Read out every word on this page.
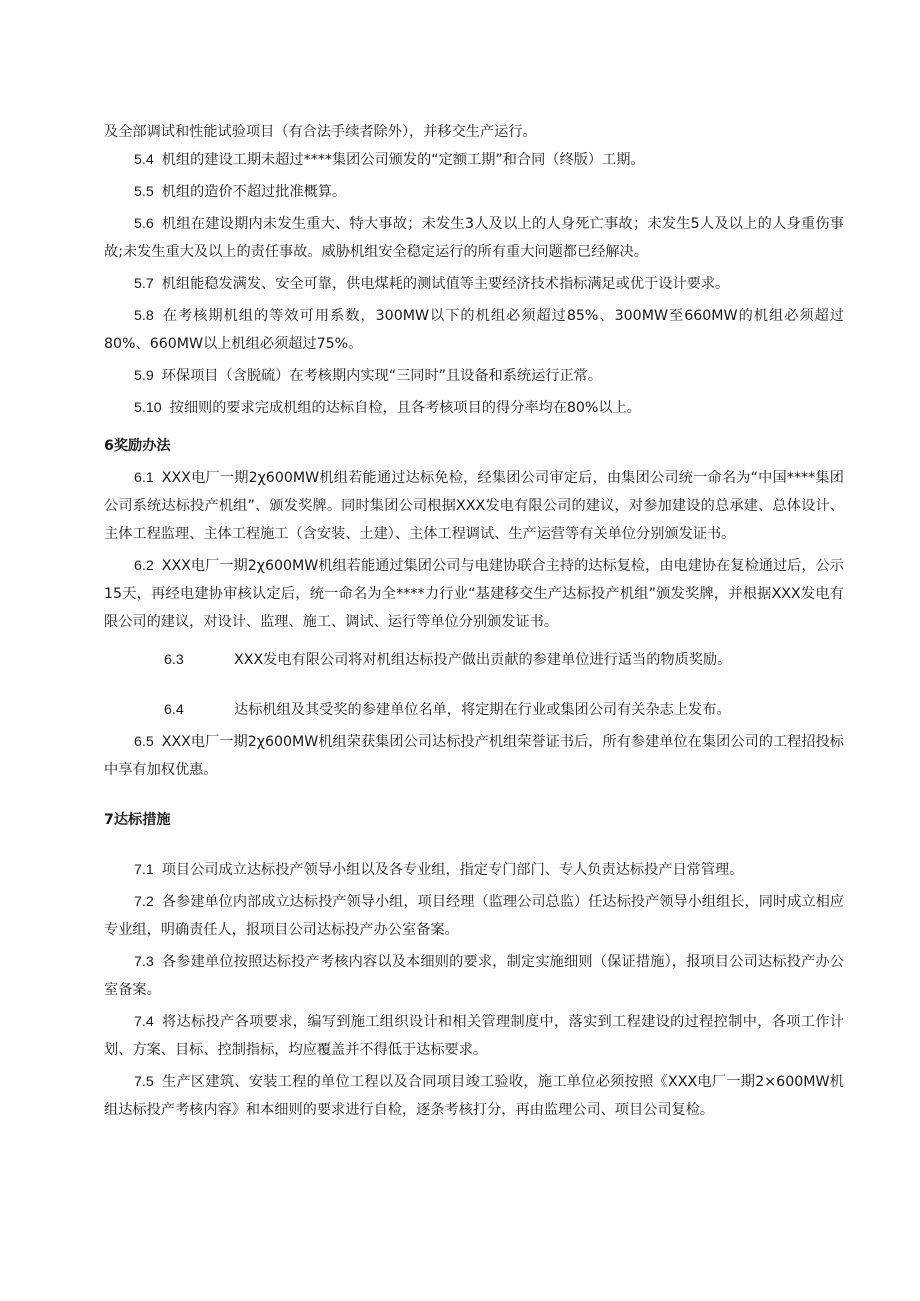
及全部调试和性能试验项目（有合法手续者除外），并移交生产运行。

5.4 机组的建设工期未超过****集团公司颁发的“定额工期”和合同（终版）工期。

5.5 机组的造价不超过批准概算。

5.6 机组在建设期内未发生重大、特大事故；未发生3人及以上的人身死亡事故；未发生5人及以上的人身重伤事故;未发生重大及以上的责任事故。威胁机组安全稳定运行的所有重大问题都已经解决。

5.7 机组能稳发满发、安全可靠，供电煤耗的测试值等主要经济技术指标满足或优于设计要求。

5.8 在考核期机组的等效可用系数，300MW以下的机组必须超过85%、300MW至660MW的机组必须超过80%、660MW以上机组必须超过75%。

5.9 环保项目（含脱硫）在考核期内实现“三同时”且设备和系统运行正常。

5.10 按细则的要求完成机组的达标自检，且各考核项目的得分率均在80%以上。

6奖励办法

6.1 XXX电厂一期2χ600MW机组若能通过达标免检，经集团公司审定后，由集团公司统一命名为“中国****集团公司系统达标投产机组”、颁发奖牌。同时集团公司根据XXX发电有限公司的建议，对参加建设的总承建、总体设计、主体工程监理、主体工程施工（含安装、土建）、主体工程调试、生产运营等有关单位分别颁发证书。

6.2 XXX电厂一期2χ600MW机组若能通过集团公司与电建协联合主持的达标复检，由电建协在复检通过后，公示15天，再经电建协审核认定后，统一命名为全****力行业“基建移交生产达标投产机组”颁发奖牌，并根据XXX发电有限公司的建议，对设计、监理、施工、调试、运行等单位分别颁发证书。

6.3	XXX发电有限公司将对机组达标投产做出贡献的参建单位进行适当的物质奖励。

6.4	达标机组及其受奖的参建单位名单，将定期在行业或集团公司有关杂志上发布。

6.5 XXX电厂一期2χ600MW机组荣获集团公司达标投产机组荣誉证书后，所有参建单位在集团公司的工程招投标中享有加权优惠。

7达标措施

7.1 项目公司成立达标投产领导小组以及各专业组，指定专门部门、专人负责达标投产日常管理。

7.2 各参建单位内部成立达标投产领导小组，项目经理（监理公司总监）任达标投产领导小组组长，同时成立相应专业组，明确责任人，报项目公司达标投产办公室备案。

7.3 各参建单位按照达标投产考核内容以及本细则的要求，制定实施细则（保证措施），报项目公司达标投产办公室备案。

7.4 将达标投产各项要求，编写到施工组织设计和相关管理制度中，落实到工程建设的过程控制中，各项工作计划、方案、目标、控制指标，均应覆盖并不得低于达标要求。

7.5 生产区建筑、安装工程的单位工程以及合同项目竣工验收，施工单位必须按照《XXX电厂一期2×600MW机组达标投产考核内容》和本细则的要求进行自检，逐条考核打分，再由监理公司、项目公司复检。
